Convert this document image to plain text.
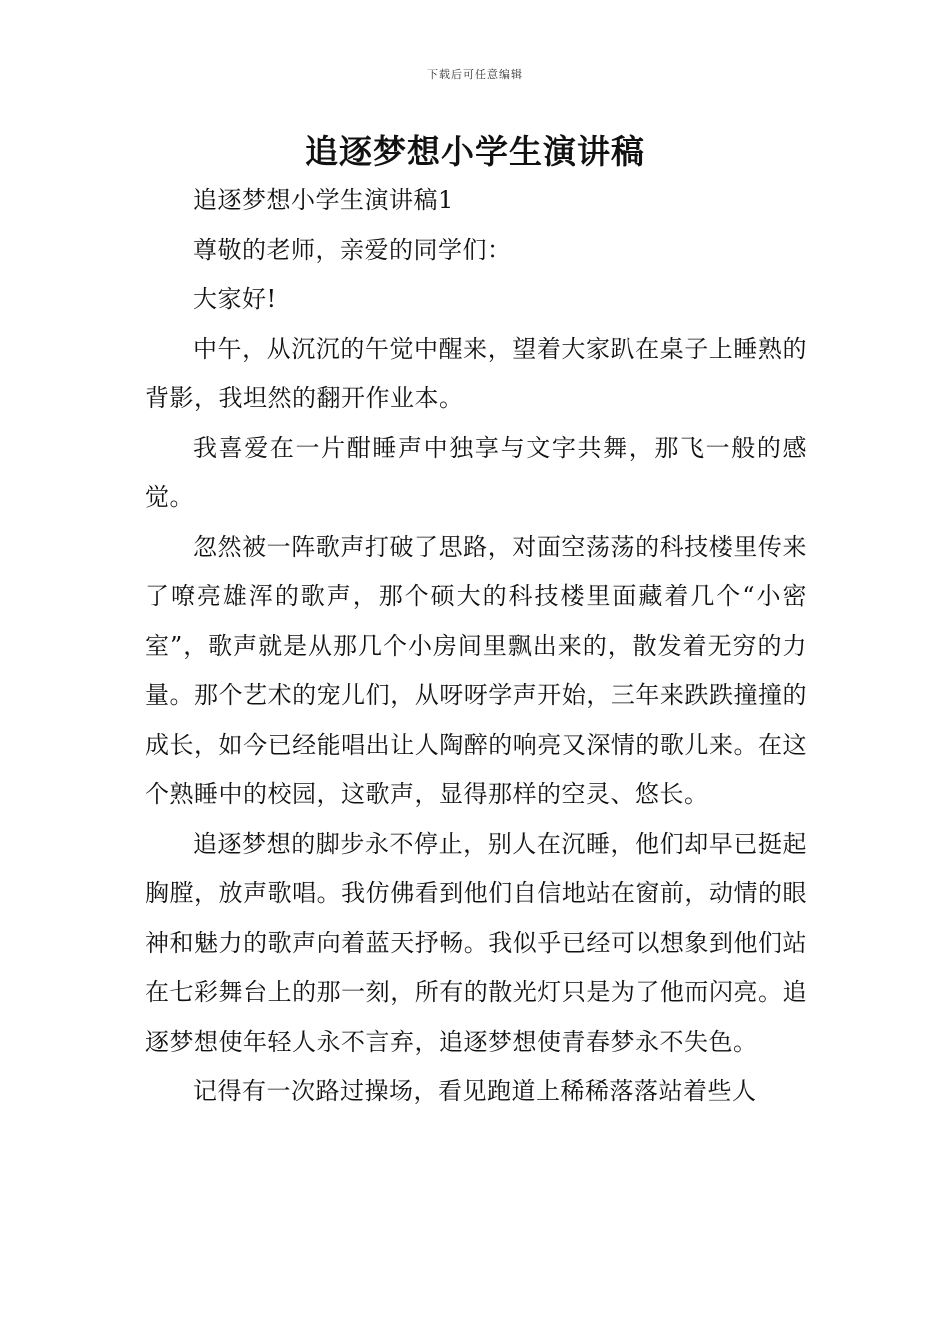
下载后可任意编辑
追逐梦想小学生演讲稿

追逐梦想小学生演讲稿1

尊敬的老师，亲爱的同学们：

大家好!

中午，从沉沉的午觉中醒来，望着大家趴在桌子上睡熟的背影，我坦然的翻开作业本。

我喜爱在一片酣睡声中独享与文字共舞，那飞一般的感觉。

忽然被一阵歌声打破了思路，对面空荡荡的科技楼里传来了嘹亮雄浑的歌声，那个硕大的科技楼里面藏着几个“小密室”，歌声就是从那几个小房间里飘出来的，散发着无穷的力量。那个艺术的宠儿们，从呀呀学声开始，三年来跌跌撞撞的成长，如今已经能唱出让人陶醉的响亮又深情的歌儿来。在这个熟睡中的校园，这歌声，显得那样的空灵、悠长。

追逐梦想的脚步永不停止，别人在沉睡，他们却早已挺起胸膛，放声歌唱。我仿佛看到他们自信地站在窗前，动情的眼神和魅力的歌声向着蓝天抒畅。我似乎已经可以想象到他们站在七彩舞台上的那一刻，所有的散光灯只是为了他而闪亮。追逐梦想使年轻人永不言弃，追逐梦想使青春梦永不失色。

记得有一次路过操场，看见跑道上稀稀落落站着些人
